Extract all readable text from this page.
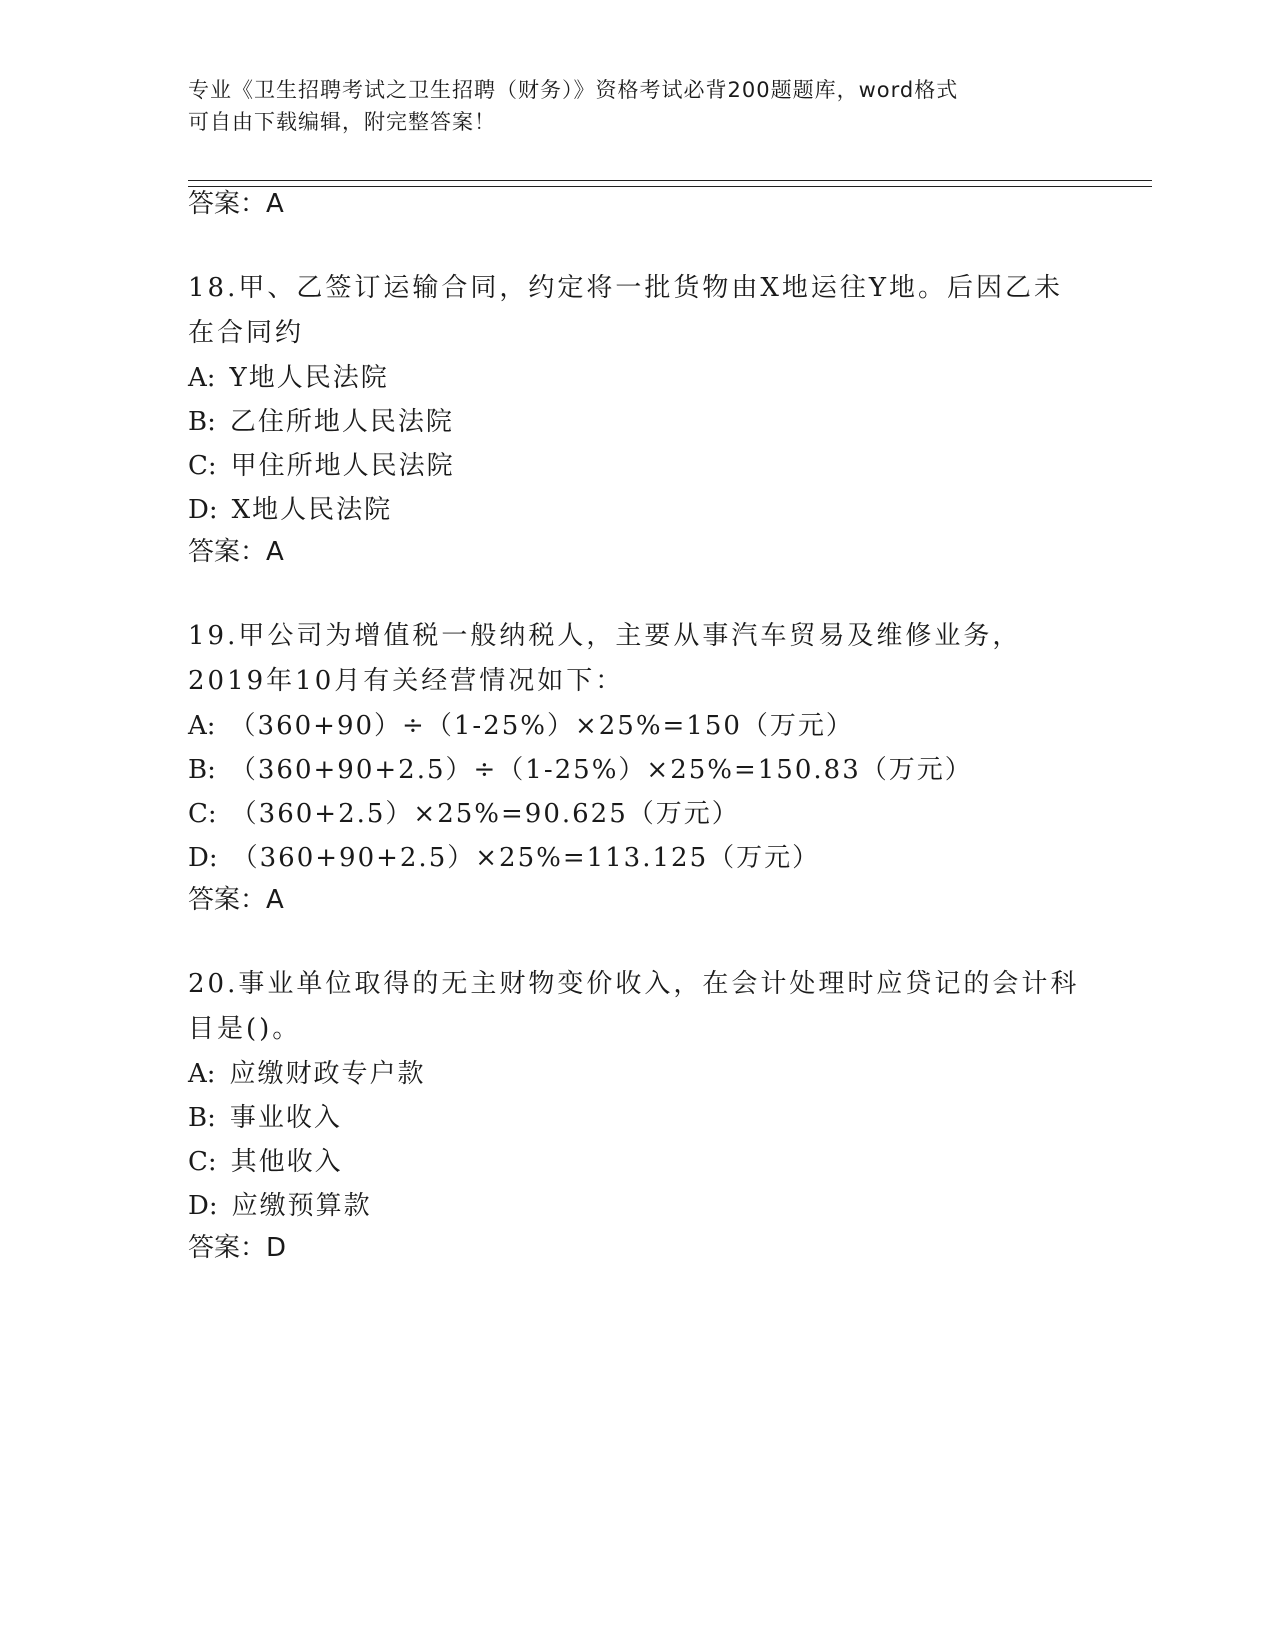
专业《卫生招聘考试之卫生招聘（财务）》资格考试必背200题题库，word格式
可自由下载编辑，附完整答案！
答案：A
18.甲、乙签订运输合同，约定将一批货物由X地运往Y地。后因乙未在合同约
A: Y地人民法院
B: 乙住所地人民法院
C: 甲住所地人民法院
D: X地人民法院
答案：A
19.甲公司为增值税一般纳税人，主要从事汽车贸易及维修业务，2019年10月有关经营情况如下：
A: （360+90）÷（1-25%）×25%=150（万元）
B: （360+90+2.5）÷（1-25%）×25%=150.83（万元）
C: （360+2.5）×25%=90.625（万元）
D: （360+90+2.5）×25%=113.125（万元）
答案：A
20.事业单位取得的无主财物变价收入，在会计处理时应贷记的会计科目是()。
A: 应缴财政专户款
B: 事业收入
C: 其他收入
D: 应缴预算款
答案：D
